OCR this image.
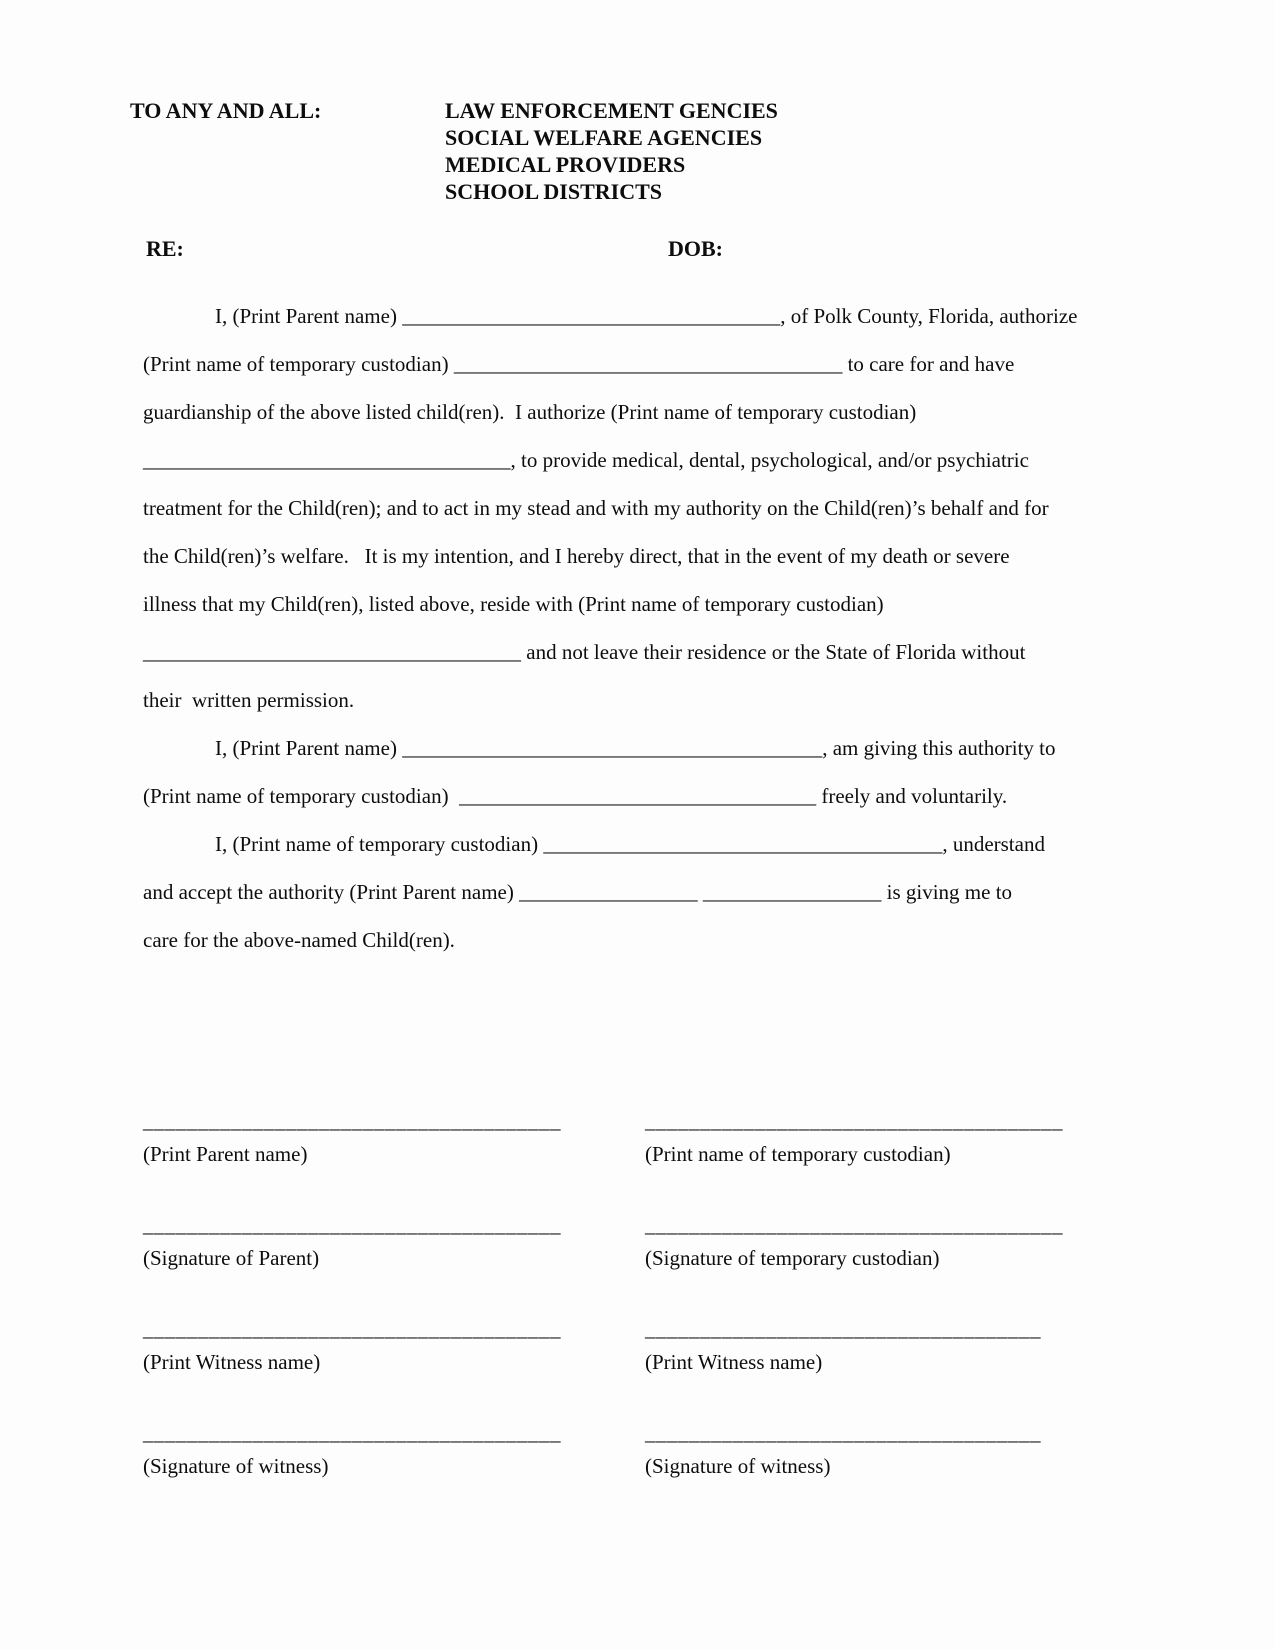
TO ANY AND ALL:	LAW ENFORCEMENT GENCIES
SOCIAL WELFARE AGENCIES
MEDICAL PROVIDERS
SCHOOL DISTRICTS
RE:	DOB:
I, (Print Parent name) ____________________________________, of Polk County, Florida, authorize
(Print name of temporary custodian) _____________________________________ to care for and have
guardianship of the above listed child(ren).  I authorize (Print name of temporary custodian)
___________________________________, to provide medical, dental, psychological, and/or psychiatric
treatment for the Child(ren); and to act in my stead and with my authority on the Child(ren)’s behalf and for
the Child(ren)’s welfare.   It is my intention, and I hereby direct, that in the event of my death or severe
illness that my Child(ren), listed above, reside with (Print name of temporary custodian)
____________________________________ and not leave their residence or the State of Florida without
their  written permission.
I, (Print Parent name) ________________________________________, am giving this authority to
(Print name of temporary custodian)  __________________________________ freely and voluntarily.
I, (Print name of temporary custodian) ______________________________________, understand
and accept the authority (Print Parent name) _________________ _________________ is giving me to
care for the above-named Child(ren).
______________________________________
(Print Parent name)
______________________________________
(Print name of temporary custodian)
______________________________________
(Signature of Parent)
______________________________________
(Signature of temporary custodian)
______________________________________
(Print Witness name)
____________________________________
(Print Witness name)
______________________________________
(Signature of witness)
____________________________________
(Signature of witness)
